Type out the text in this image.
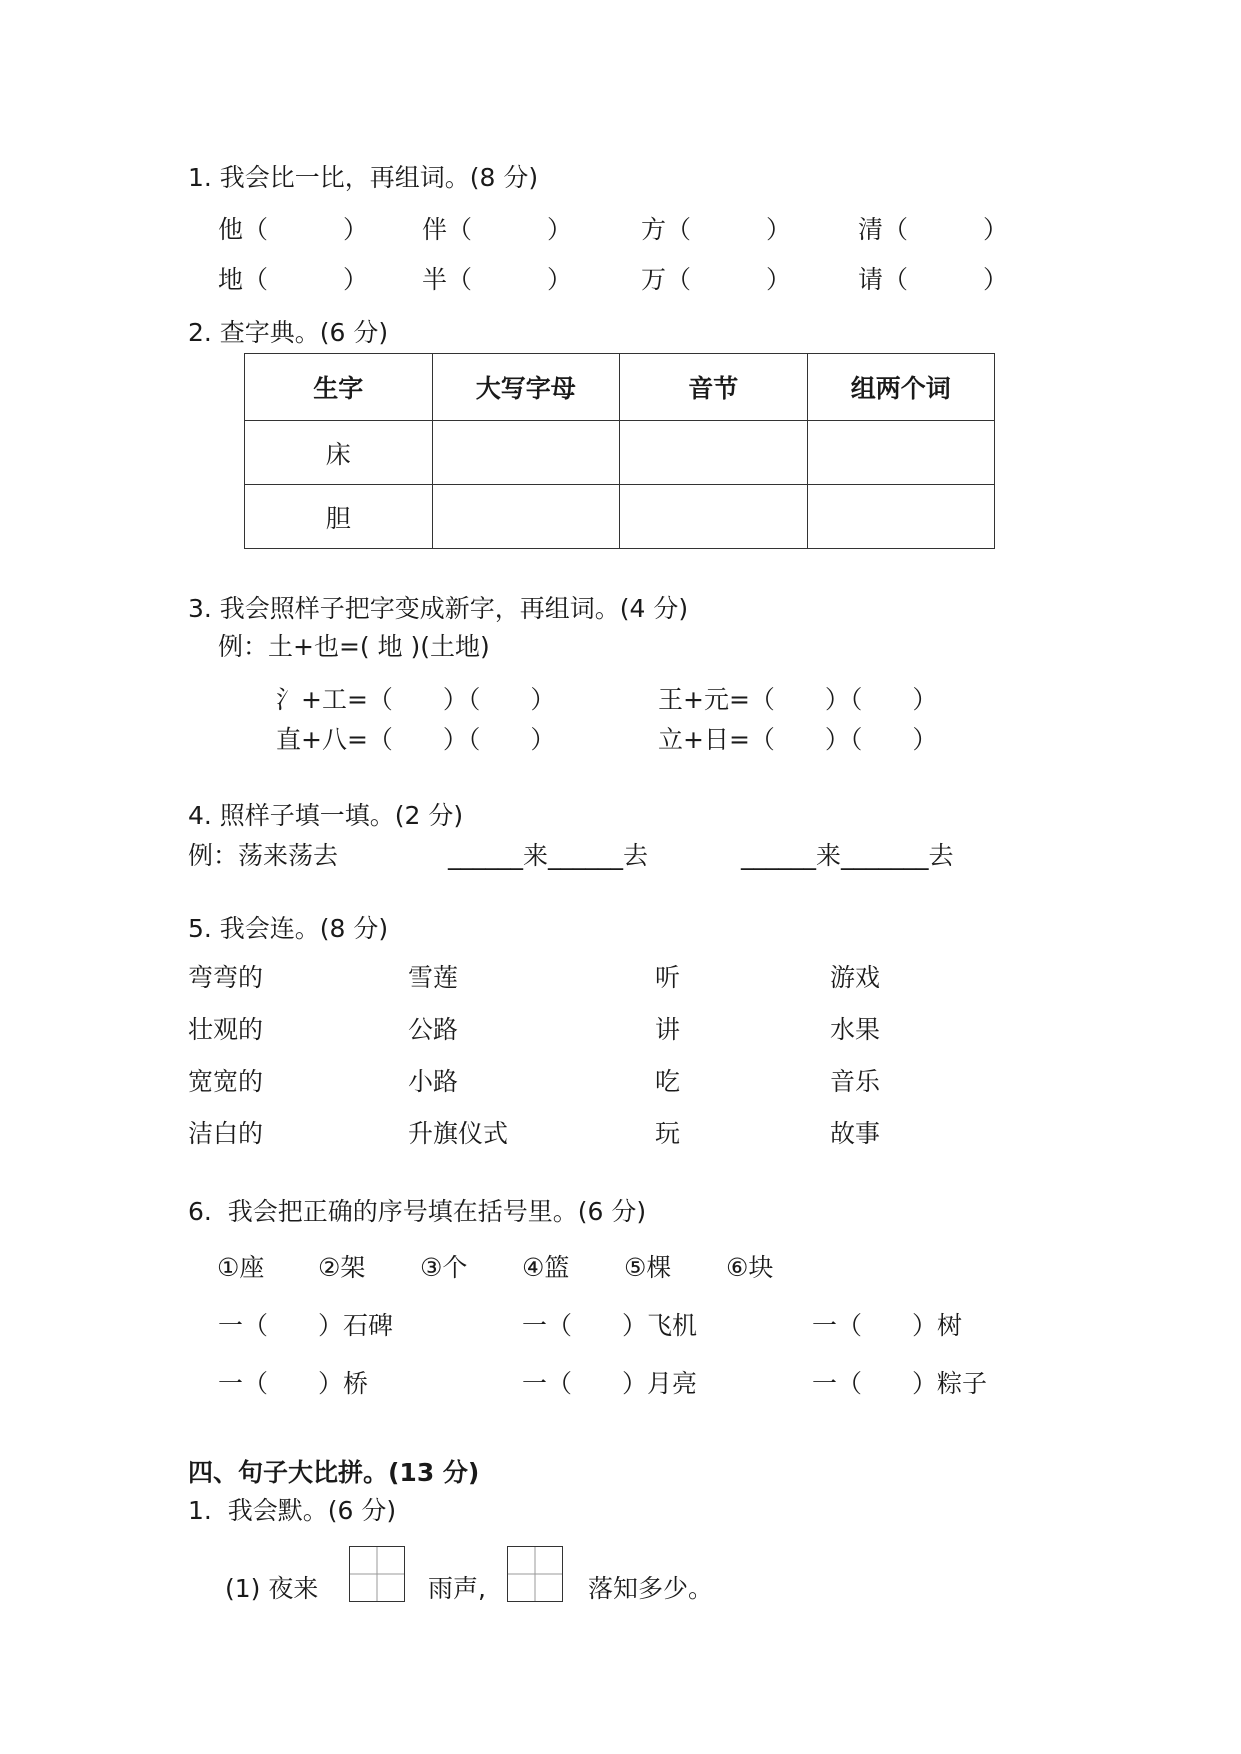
1. 我会比一比，再组词。(8 分)
他（　　　） 伴（　　　）	方（　　　）	清（　　　）
地（　　　） 半（　　　）	万（　　　）	请（　　　）
2. 查字典。(6 分)
生字	大写字母	音节	组两个词
床			
胆			
3. 我会照样子把字变成新字，再组词。(4 分)
例：土+也=( 地 )(土地)
氵+工=（　　）（　　）	王+元=（　　）（　　）
直+八=（　　）（　　）	立+日=（　　）（　　）
4. 照样子填一填。(2 分)
例：荡来荡去	______来______去	______来_______去
5. 我会连。(8 分)
弯弯的	雪莲	听	游戏
壮观的	公路	讲	水果
宽宽的	小路	吃	音乐
洁白的	升旗仪式	玩	故事
6.  我会把正确的序号填在括号里。(6 分)
①座 ②架 ③个 ④篮 ⑤棵 ⑥块
一（　　）石碑	一（　　）飞机	一（　　）树
一（　　）桥	一（　　）月亮	一（　　）粽子
四、句子大比拼。(13 分)
1.  我会默。(6 分)
(1) 夜来	雨声,	落知多少。
